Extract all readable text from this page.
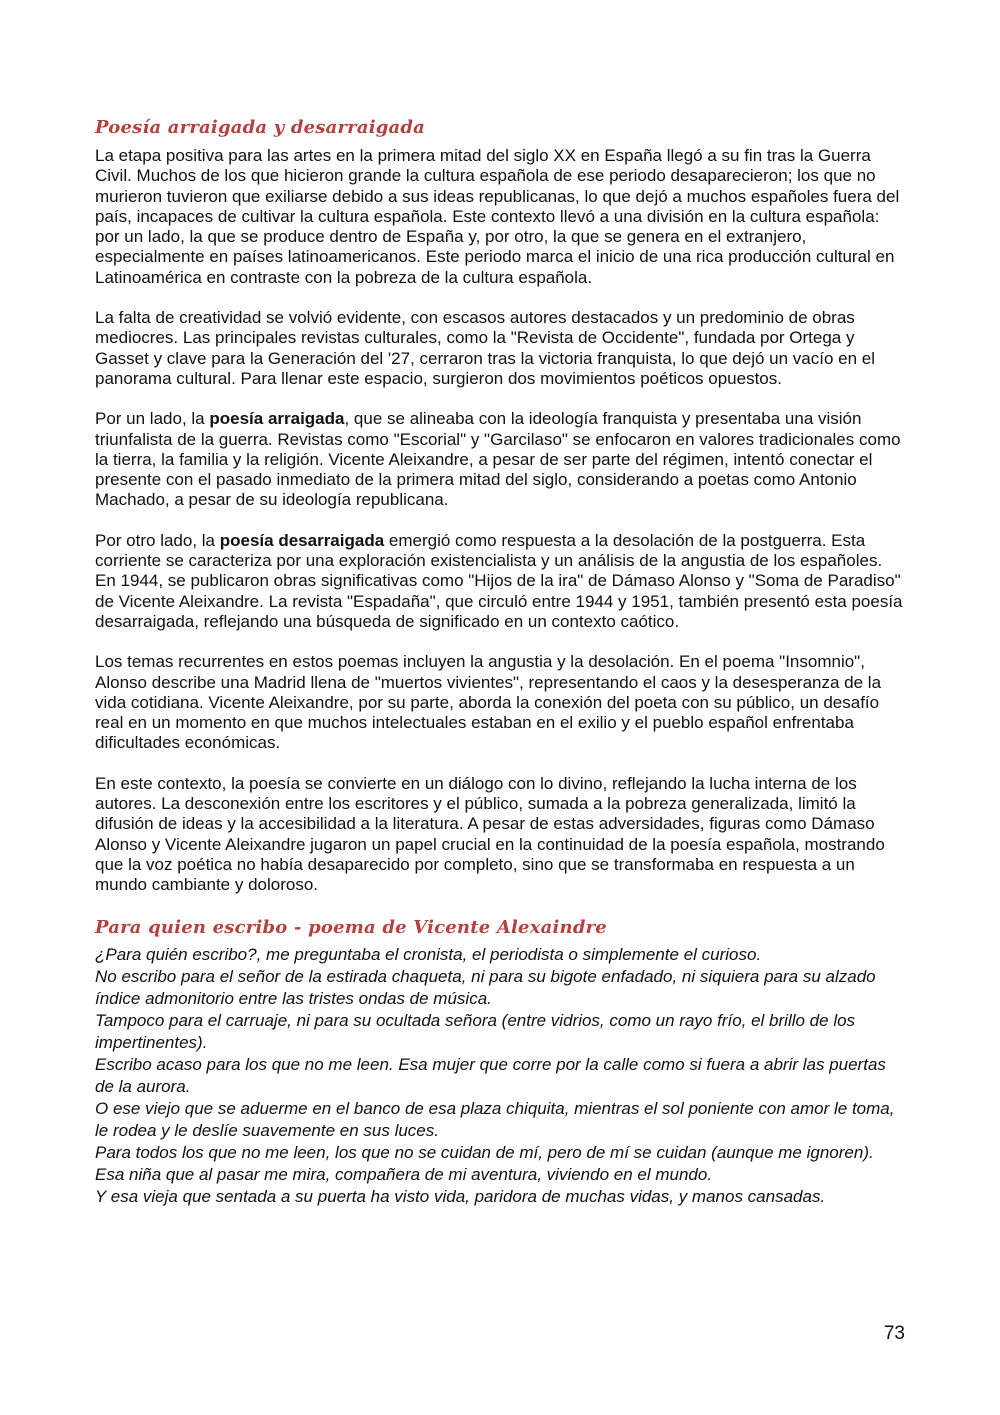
Poesía arraigada y desarraigada

La etapa positiva para las artes en la primera mitad del siglo XX en España llegó a su fin tras la Guerra Civil. Muchos de los que hicieron grande la cultura española de ese periodo desaparecieron; los que no murieron tuvieron que exiliarse debido a sus ideas republicanas, lo que dejó a muchos españoles fuera del país, incapaces de cultivar la cultura española. Este contexto llevó a una división en la cultura española: por un lado, la que se produce dentro de España y, por otro, la que se genera en el extranjero, especialmente en países latinoamericanos. Este periodo marca el inicio de una rica producción cultural en Latinoamérica en contraste con la pobreza de la cultura española.

La falta de creatividad se volvió evidente, con escasos autores destacados y un predominio de obras mediocres. Las principales revistas culturales, como la "Revista de Occidente", fundada por Ortega y Gasset y clave para la Generación del '27, cerraron tras la victoria franquista, lo que dejó un vacío en el panorama cultural. Para llenar este espacio, surgieron dos movimientos poéticos opuestos.

Por un lado, la poesía arraigada, que se alineaba con la ideología franquista y presentaba una visión triunfalista de la guerra. Revistas como "Escorial" y "Garcilaso" se enfocaron en valores tradicionales como la tierra, la familia y la religión. Vicente Aleixandre, a pesar de ser parte del régimen, intentó conectar el presente con el pasado inmediato de la primera mitad del siglo, considerando a poetas como Antonio Machado, a pesar de su ideología republicana.

Por otro lado, la poesía desarraigada emergió como respuesta a la desolación de la postguerra. Esta corriente se caracteriza por una exploración existencialista y un análisis de la angustia de los españoles. En 1944, se publicaron obras significativas como "Hijos de la ira" de Dámaso Alonso y "Soma de Paradiso" de Vicente Aleixandre. La revista "Espadaña", que circuló entre 1944 y 1951, también presentó esta poesía desarraigada, reflejando una búsqueda de significado en un contexto caótico.

Los temas recurrentes en estos poemas incluyen la angustia y la desolación. En el poema "Insomnio", Alonso describe una Madrid llena de "muertos vivientes", representando el caos y la desesperanza de la vida cotidiana. Vicente Aleixandre, por su parte, aborda la conexión del poeta con su público, un desafío real en un momento en que muchos intelectuales estaban en el exilio y el pueblo español enfrentaba dificultades económicas.

En este contexto, la poesía se convierte en un diálogo con lo divino, reflejando la lucha interna de los autores. La desconexión entre los escritores y el público, sumada a la pobreza generalizada, limitó la difusión de ideas y la accesibilidad a la literatura. A pesar de estas adversidades, figuras como Dámaso Alonso y Vicente Aleixandre jugaron un papel crucial en la continuidad de la poesía española, mostrando que la voz poética no había desaparecido por completo, sino que se transformaba en respuesta a un mundo cambiante y doloroso.

Para quien escribo - poema de Vicente Alexaindre

¿Para quién escribo?, me preguntaba el cronista, el periodista o simplemente el curioso.

No escribo para el señor de la estirada chaqueta, ni para su bigote enfadado, ni siquiera para su alzado índice admonitorio entre las tristes ondas de música.

Tampoco para el carruaje, ni para su ocultada señora (entre vidrios, como un rayo frío, el brillo de los impertinentes).

Escribo acaso para los que no me leen. Esa mujer que corre por la calle como si fuera a abrir las puertas de la aurora.

O ese viejo que se aduerme en el banco de esa plaza chiquita, mientras el sol poniente con amor le toma, le rodea y le deslíe suavemente en sus luces.

Para todos los que no me leen, los que no se cuidan de mí, pero de mí se cuidan (aunque me ignoren).

Esa niña que al pasar me mira, compañera de mi aventura, viviendo en el mundo.

Y esa vieja que sentada a su puerta ha visto vida, paridora de muchas vidas, y manos cansadas.

73
